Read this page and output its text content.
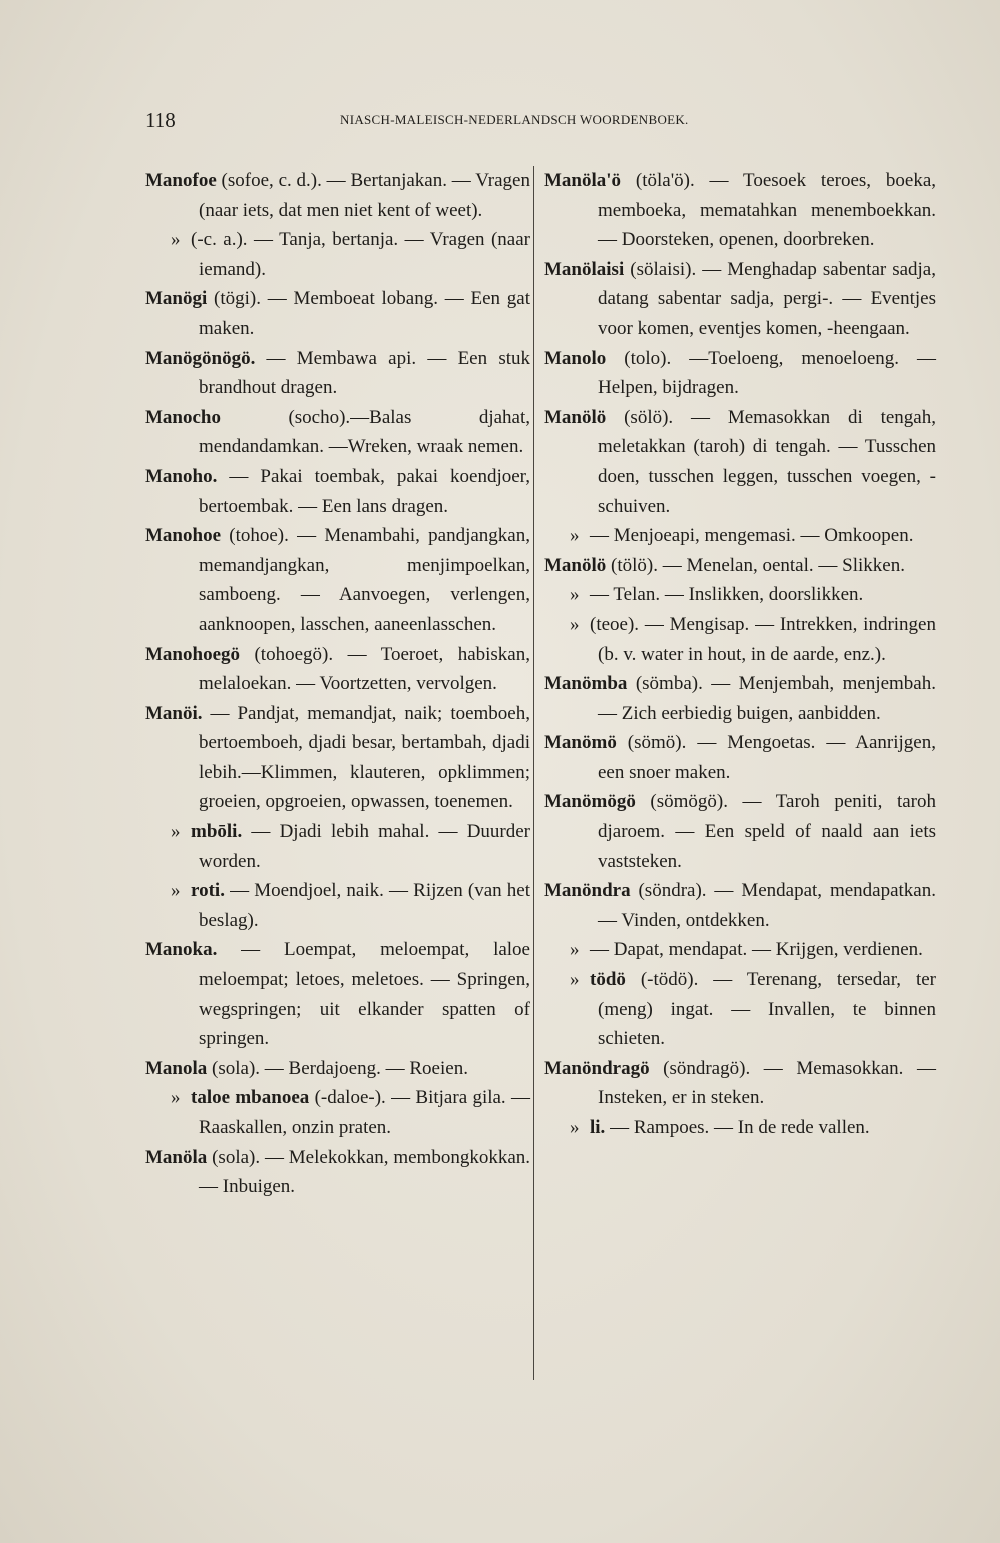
118	NIASCH-MALEISCH-NEDERLANDSCH WOORDENBOEK.

Manofoe (sofoe, c. d.). — Bertanjakan. — Vragen (naar iets, dat men niet kent of weet).

» (-c. a.). — Tanja, bertanja. — Vragen (naar iemand).

Manögi (tögi). — Memboeat lobang. — Een gat maken.

Manögönögö. — Membawa api. — Een stuk brandhout dragen.

Manocho (socho).—Balas djahat, mendandamkan. —Wreken, wraak nemen.

Manoho. — Pakai toembak, pakai koendjoer, bertoembak. — Een lans dragen.

Manohoe (tohoe). — Menambahi, pandjangkan, memandjangkan, menjimpoelkan, samboeng. — Aanvoegen, verlengen, aanknoopen, lasschen, aaneenlasschen.

Manohoegö (tohoegö). — Toeroet, habiskan, melaloekan. — Voortzetten, vervolgen.

Manöi. — Pandjat, memandjat, naik; toemboeh, bertoemboeh, djadi besar, bertambah, djadi lebih.—Klimmen, klauteren, opklimmen; groeien, opgroeien, opwassen, toenemen.

» mbōli. — Djadi lebih mahal. — Duurder worden.

» roti. — Moendjoel, naik. — Rijzen (van het beslag).

Manoka. — Loempat, meloempat, laloe meloempat; letoes, meletoes. — Springen, wegspringen; uit elkander spatten of springen.

Manola (sola). — Berdajoeng. — Roeien.

» taloe mbanoea (-daloe-). — Bitjara gila. — Raaskallen, onzin praten.

Manöla (sola). — Melekokkan, membongkokkan. — Inbuigen.

Manöla'ö (töla'ö). — Toesoek teroes, boeka, memboeka, mematahkan menemboekkan. — Doorsteken, openen, doorbreken.

Manölaisi (sölaisi). — Menghadap sabentar sadja, datang sabentar sadja, pergi-. — Eventjes voor komen, eventjes komen, -heengaan.

Manolo (tolo). —Toeloeng, menoeloeng. — Helpen, bijdragen.

Manölö (sölö). — Memasokkan di tengah, meletakkan (taroh) di tengah. — Tusschen doen, tusschen leggen, tusschen voegen, -schuiven.

» — Menjoeapi, mengemasi. — Omkoopen.

Manölö (tölö). — Menelan, oental. — Slikken.

» — Telan. — Inslikken, doorslikken.

» (teoe). — Mengisap. — Intrekken, indringen (b. v. water in hout, in de aarde, enz.).

Manömba (sömba). — Menjembah, menjembah. — Zich eerbiedig buigen, aanbidden.

Manömö (sömö). — Mengoetas. — Aanrijgen, een snoer maken.

Manömögö (sömögö). — Taroh peniti, taroh djaroem. — Een speld of naald aan iets vaststeken.

Manöndra (söndra). — Mendapat, mendapatkan. — Vinden, ontdekken.

» — Dapat, mendapat. — Krijgen, verdienen.

» tödö (-tödö). — Terenang, tersedar, ter (meng) ingat. — Invallen, te binnen schieten.

Manöndragö (söndragö). — Memasokkan. — Insteken, er in steken.

» li. — Rampoes. — In de rede vallen.
